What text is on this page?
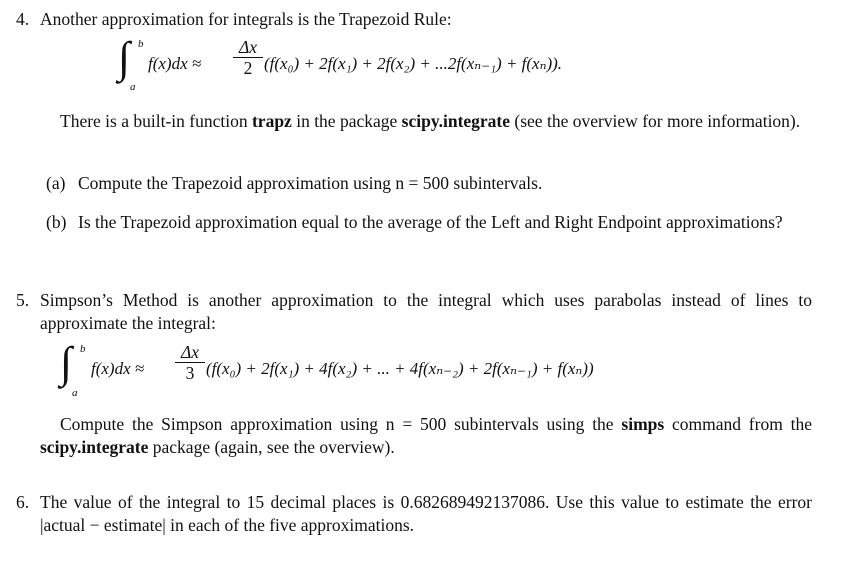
4. Another approximation for integrals is the Trapezoid Rule:
∫ b
a
f(x)dx ≈
Δx
2 (f(x₀) + 2f(x₁) + 2f(x₂) + ...2f(xₙ₋₁) + f(xₙ)).
There is a built-in function trapz in the package scipy.integrate (see the overview for more information).
(a) Compute the Trapezoid approximation using n = 500 subintervals.
(b) Is the Trapezoid approximation equal to the average of the Left and Right Endpoint approximations?
5. Simpson’s Method is another approximation to the integral which uses parabolas instead of lines to approximate the integral:
∫ b
a
f(x)dx ≈
Δx
3 (f(x₀) + 2f(x₁) + 4f(x₂) + ... + 4f(xₙ₋₂) + 2f(xₙ₋₁) + f(xₙ))
Compute the Simpson approximation using n = 500 subintervals using the simps command from the scipy.integrate package (again, see the overview).
6. The value of the integral to 15 decimal places is 0.682689492137086. Use this value to estimate the error |actual − estimate| in each of the five approximations.
